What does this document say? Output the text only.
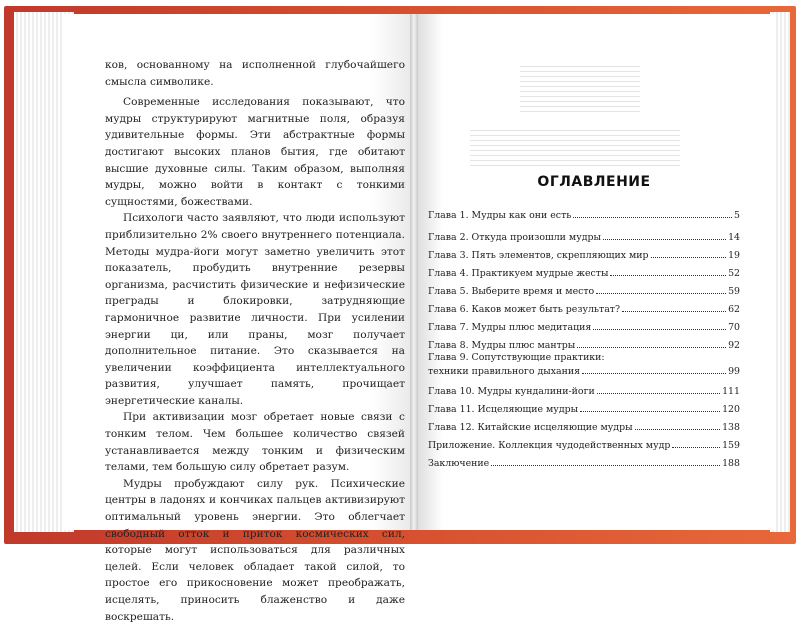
ков, основанному на исполненной глубочайшего смысла символике.

Современные исследования показывают, что мудры структурируют магнитные поля, образуя удивительные формы. Эти абстрактные формы достигают высоких планов бытия, где обитают высшие духовные силы. Таким образом, выполняя мудры, можно войти в контакт с тонкими сущностями, божествами.

Психологи часто заявляют, что люди используют приблизительно 2% своего внутреннего потенциала. Методы мудра-йоги могут заметно увеличить этот показатель, пробудить внутренние резервы организма, расчистить физические и нефизические преграды и блокировки, затрудняющие гармоничное развитие личности. При усилении энергии ци, или праны, мозг получает дополнительное питание. Это сказывается на увеличении коэффициента интеллектуального развития, улучшает память, прочищает энергетические каналы.

При активизации мозг обретает новые связи с тонким телом. Чем большее количество связей устанавливается между тонким и физическим телами, тем большую силу обретает разум.

Мудры пробуждают силу рук. Психические центры в ладонях и кончиках пальцев активизируют оптимальный уровень энергии. Это облегчает свободный отток и приток космических сил, которые могут использоваться для различных целей. Если человек обладает такой силой, то простое его прикосновение может преображать, исцелять, приносить блаженство и даже воскрешать.

ОГЛАВЛЕНИЕ
Глава 1. Мудры как они есть	5
Глава 2. Откуда произошли мудры	14
Глава 3. Пять элементов, скрепляющих мир	19
Глава 4. Практикуем мудрые жесты	52
Глава 5. Выберите время и место	59
Глава 6. Каков может быть результат?	62
Глава 7. Мудры плюс медитация	70
Глава 8. Мудры плюс мантры	92
Глава 9. Сопутствующие практики:
техники правильного дыхания	99
Глава 10. Мудры кундалини-йоги	111
Глава 11. Исцеляющие мудры	120
Глава 12. Китайские исцеляющие мудры	138
Приложение. Коллекция чудодейственных мудр	159
Заключение	188
